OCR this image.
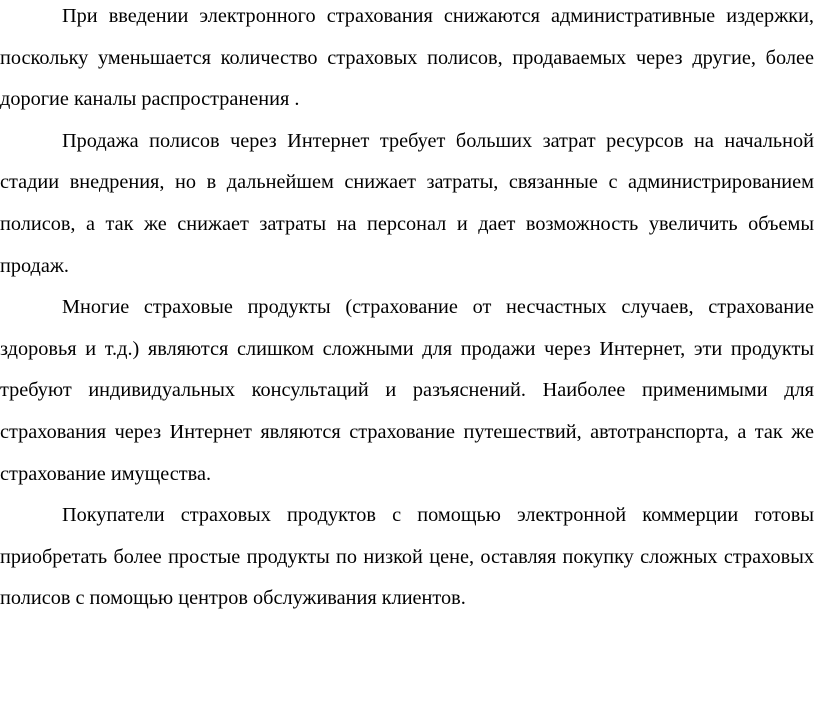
При введении электронного страхования снижаются административные издержки, поскольку уменьшается количество страховых полисов, продаваемых через другие, более дорогие каналы распространения .

Продажа полисов через Интернет требует больших затрат ресурсов на начальной стадии внедрения, но в дальнейшем снижает затраты, связанные с администрированием полисов, а так же снижает затраты на персонал и дает возможность увеличить объемы продаж.

Многие страховые продукты (страхование от несчастных случаев, страхование здоровья и т.д.) являются слишком сложными для продажи через Интернет, эти продукты требуют индивидуальных консультаций и разъяснений. Наиболее применимыми для страхования через Интернет являются страхование путешествий, автотранспорта, а так же страхование имущества.

Покупатели страховых продуктов с помощью электронной коммерции готовы приобретать более простые продукты по низкой цене, оставляя покупку сложных страховых полисов с помощью центров обслуживания клиентов.
